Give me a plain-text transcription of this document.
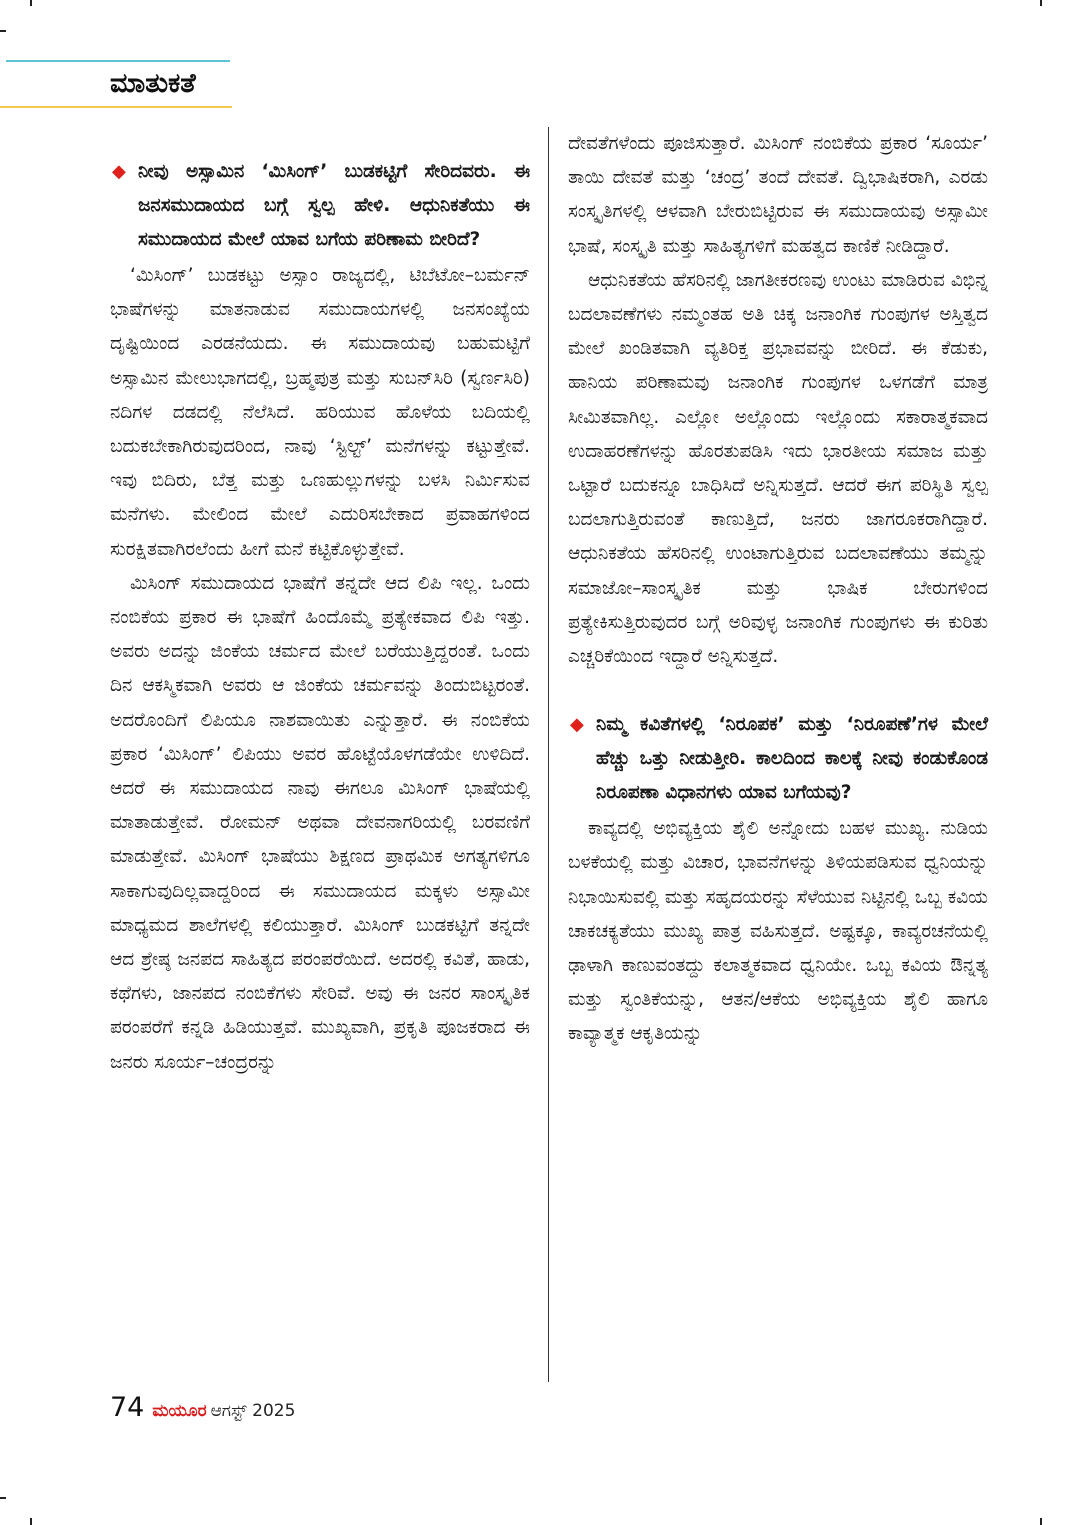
ಮಾತುಕತೆ

◆ ನೀವು ಅಸ್ಸಾಮಿನ ‘ಮಿಸಿಂಗ್’ ಬುಡಕಟ್ಟಿಗೆ ಸೇರಿದವರು. ಈ ಜನಸಮುದಾಯದ ಬಗ್ಗೆ ಸ್ವಲ್ಪ ಹೇಳಿ. ಆಧುನಿಕತೆಯು ಈ ಸಮುದಾಯದ ಮೇಲೆ ಯಾವ ಬಗೆಯ ಪರಿಣಾಮ ಬೀರಿದೆ?

‘ಮಿಸಿಂಗ್’ ಬುಡಕಟ್ಟು ಅಸ್ಸಾಂ ರಾಜ್ಯದಲ್ಲಿ, ಟಿಬೆಟೋ–ಬರ್ಮನ್ ಭಾಷೆಗಳನ್ನು ಮಾತನಾಡುವ ಸಮುದಾಯಗಳಲ್ಲಿ ಜನಸಂಖ್ಯೆಯ ದೃಷ್ಟಿಯಿಂದ ಎರಡನೆಯದು. ಈ ಸಮುದಾಯವು ಬಹುಮಟ್ಟಿಗೆ ಅಸ್ಸಾಮಿನ ಮೇಲುಭಾಗದಲ್ಲಿ, ಬ್ರಹ್ಮಪುತ್ರ ಮತ್ತು ಸುಬನ್‌ಸಿರಿ (ಸ್ವರ್ಣಸಿರಿ) ನದಿಗಳ ದಡದಲ್ಲಿ ನೆಲೆಸಿದೆ. ಹರಿಯುವ ಹೊಳೆಯ ಬದಿಯಲ್ಲಿ ಬದುಕಬೇಕಾಗಿರುವುದರಿಂದ, ನಾವು ‘ಸ್ಟಿಲ್ಟ್’ ಮನೆಗಳನ್ನು ಕಟ್ಟುತ್ತೇವೆ. ಇವು ಬಿದಿರು, ಬೆತ್ತ ಮತ್ತು ಒಣಹುಲ್ಲುಗಳನ್ನು ಬಳಸಿ ನಿರ್ಮಿಸುವ ಮನೆಗಳು. ಮೇಲಿಂದ ಮೇಲೆ ಎದುರಿಸಬೇಕಾದ ಪ್ರವಾಹಗಳಿಂದ ಸುರಕ್ಷಿತವಾಗಿರಲೆಂದು ಹೀಗೆ ಮನೆ ಕಟ್ಟಿಕೊಳ್ಳುತ್ತೇವೆ.

ಮಿಸಿಂಗ್ ಸಮುದಾಯದ ಭಾಷೆಗೆ ತನ್ನದೇ ಆದ ಲಿಪಿ ಇಲ್ಲ. ಒಂದು ನಂಬಿಕೆಯ ಪ್ರಕಾರ ಈ ಭಾಷೆಗೆ ಹಿಂದೊಮ್ಮೆ ಪ್ರತ್ಯೇಕವಾದ ಲಿಪಿ ಇತ್ತು. ಅವರು ಅದನ್ನು ಜಿಂಕೆಯ ಚರ್ಮದ ಮೇಲೆ ಬರೆಯುತ್ತಿದ್ದರಂತೆ. ಒಂದು ದಿನ ಆಕಸ್ಮಿಕವಾಗಿ ಅವರು ಆ ಜಿಂಕೆಯ ಚರ್ಮವನ್ನು ತಿಂದುಬಿಟ್ಟರಂತೆ. ಅದರೊಂದಿಗೆ ಲಿಪಿಯೂ ನಾಶವಾಯಿತು ಎನ್ನುತ್ತಾರೆ. ಈ ನಂಬಿಕೆಯ ಪ್ರಕಾರ ‘ಮಿಸಿಂಗ್’ ಲಿಪಿಯು ಅವರ ಹೊಟ್ಟೆಯೊಳಗಡೆಯೇ ಉಳಿದಿದೆ. ಆದರೆ ಈ ಸಮುದಾಯದ ನಾವು ಈಗಲೂ ಮಿಸಿಂಗ್ ಭಾಷೆಯಲ್ಲಿ ಮಾತಾಡುತ್ತೇವೆ. ರೋಮನ್ ಅಥವಾ ದೇವನಾಗರಿಯಲ್ಲಿ ಬರವಣಿಗೆ ಮಾಡುತ್ತೇವೆ. ಮಿಸಿಂಗ್ ಭಾಷೆಯು ಶಿಕ್ಷಣದ ಪ್ರಾಥಮಿಕ ಅಗತ್ಯಗಳಿಗೂ ಸಾಕಾಗುವುದಿಲ್ಲವಾದ್ದರಿಂದ ಈ ಸಮುದಾಯದ ಮಕ್ಕಳು ಅಸ್ಸಾಮೀ ಮಾಧ್ಯಮದ ಶಾಲೆಗಳಲ್ಲಿ ಕಲಿಯುತ್ತಾರೆ. ಮಿಸಿಂಗ್ ಬುಡಕಟ್ಟಿಗೆ ತನ್ನದೇ ಆದ ಶ್ರೇಷ್ಠ ಜನಪದ ಸಾಹಿತ್ಯದ ಪರಂಪರೆಯಿದೆ. ಅದರಲ್ಲಿ ಕವಿತೆ, ಹಾಡು, ಕಥೆಗಳು, ಜಾನಪದ ನಂಬಿಕೆಗಳು ಸೇರಿವೆ. ಅವು ಈ ಜನರ ಸಾಂಸ್ಕೃತಿಕ ಪರಂಪರೆಗೆ ಕನ್ನಡಿ ಹಿಡಿಯುತ್ತವೆ. ಮುಖ್ಯವಾಗಿ, ಪ್ರಕೃತಿ ಪೂಜಕರಾದ ಈ ಜನರು ಸೂರ್ಯ–ಚಂದ್ರರನ್ನು

ದೇವತೆಗಳೆಂದು ಪೂಜಿಸುತ್ತಾರೆ. ಮಿಸಿಂಗ್ ನಂಬಿಕೆಯ ಪ್ರಕಾರ ‘ಸೂರ್ಯ’ ತಾಯಿ ದೇವತೆ ಮತ್ತು ‘ಚಂದ್ರ’ ತಂದೆ ದೇವತೆ. ದ್ವಿಭಾಷಿಕರಾಗಿ, ಎರಡು ಸಂಸ್ಕೃತಿಗಳಲ್ಲಿ ಆಳವಾಗಿ ಬೇರುಬಿಟ್ಟಿರುವ ಈ ಸಮುದಾಯವು ಅಸ್ಸಾಮೀ ಭಾಷೆ, ಸಂಸ್ಕೃತಿ ಮತ್ತು ಸಾಹಿತ್ಯಗಳಿಗೆ ಮಹತ್ವದ ಕಾಣಿಕೆ ನೀಡಿದ್ದಾರೆ.

ಆಧುನಿಕತೆಯ ಹೆಸರಿನಲ್ಲಿ ಜಾಗತೀಕರಣವು ಉಂಟು ಮಾಡಿರುವ ವಿಭಿನ್ನ ಬದಲಾವಣೆಗಳು ನಮ್ಮಂತಹ ಅತಿ ಚಿಕ್ಕ ಜನಾಂಗಿಕ ಗುಂಪುಗಳ ಅಸ್ತಿತ್ವದ ಮೇಲೆ ಖಂಡಿತವಾಗಿ ವ್ಯತಿರಿಕ್ತ ಪ್ರಭಾವವನ್ನು ಬೀರಿದೆ. ಈ ಕೆಡುಕು, ಹಾನಿಯ ಪರಿಣಾಮವು ಜನಾಂಗಿಕ ಗುಂಪುಗಳ ಒಳಗಡೆಗೆ ಮಾತ್ರ ಸೀಮಿತವಾಗಿಲ್ಲ. ಎಲ್ಲೋ ಅಲ್ಲೊಂದು ಇಲ್ಲೊಂದು ಸಕಾರಾತ್ಮಕವಾದ ಉದಾಹರಣೆಗಳನ್ನು ಹೊರತುಪಡಿಸಿ ಇದು ಭಾರತೀಯ ಸಮಾಜ ಮತ್ತು ಒಟ್ಟಾರೆ ಬದುಕನ್ನೂ ಬಾಧಿಸಿದೆ ಅನ್ನಿಸುತ್ತದೆ. ಆದರೆ ಈಗ ಪರಿಸ್ಥಿತಿ ಸ್ವಲ್ಪ ಬದಲಾಗುತ್ತಿರುವಂತೆ ಕಾಣುತ್ತಿದೆ, ಜನರು ಜಾಗರೂಕರಾಗಿದ್ದಾರೆ. ಆಧುನಿಕತೆಯ ಹೆಸರಿನಲ್ಲಿ ಉಂಟಾಗುತ್ತಿರುವ ಬದಲಾವಣೆಯು ತಮ್ಮನ್ನು ಸಮಾಜೋ–ಸಾಂಸ್ಕೃತಿಕ ಮತ್ತು ಭಾಷಿಕ ಬೇರುಗಳಿಂದ ಪ್ರತ್ಯೇಕಿಸುತ್ತಿರುವುದರ ಬಗ್ಗೆ ಅರಿವುಳ್ಳ ಜನಾಂಗಿಕ ಗುಂಪುಗಳು ಈ ಕುರಿತು ಎಚ್ಚರಿಕೆಯಿಂದ ಇದ್ದಾರೆ ಅನ್ನಿಸುತ್ತದೆ.

◆ ನಿಮ್ಮ ಕವಿತೆಗಳಲ್ಲಿ ‘ನಿರೂಪಕ’ ಮತ್ತು ‘ನಿರೂಪಣೆ’ಗಳ ಮೇಲೆ ಹೆಚ್ಚು ಒತ್ತು ನೀಡುತ್ತೀರಿ. ಕಾಲದಿಂದ ಕಾಲಕ್ಕೆ ನೀವು ಕಂಡುಕೊಂಡ ನಿರೂಪಣಾ ವಿಧಾನಗಳು ಯಾವ ಬಗೆಯವು?

ಕಾವ್ಯದಲ್ಲಿ ಅಭಿವ್ಯಕ್ತಿಯ ಶೈಲಿ ಅನ್ನೋದು ಬಹಳ ಮುಖ್ಯ. ನುಡಿಯ ಬಳಕೆಯಲ್ಲಿ ಮತ್ತು ವಿಚಾರ, ಭಾವನೆಗಳನ್ನು ತಿಳಿಯಪಡಿಸುವ ಧ್ವನಿಯನ್ನು ನಿಭಾಯಿಸುವಲ್ಲಿ ಮತ್ತು ಸಹೃದಯರನ್ನು ಸೆಳೆಯುವ ನಿಟ್ಟಿನಲ್ಲಿ ಒಬ್ಬ ಕವಿಯ ಚಾಕಚಕ್ಯತೆಯು ಮುಖ್ಯ ಪಾತ್ರ ವಹಿಸುತ್ತದೆ. ಅಷ್ಟಕ್ಕೂ, ಕಾವ್ಯರಚನೆಯಲ್ಲಿ ಢಾಳಾಗಿ ಕಾಣುವಂತದ್ದು ಕಲಾತ್ಮಕವಾದ ಧ್ವನಿಯೇ. ಒಬ್ಬ ಕವಿಯ ಔನ್ನತ್ಯ ಮತ್ತು ಸ್ವಂತಿಕೆಯನ್ನು, ಆತನ/ಆಕೆಯ ಅಭಿವ್ಯಕ್ತಿಯ ಶೈಲಿ ಹಾಗೂ ಕಾವ್ಯಾತ್ಮಕ ಆಕೃತಿಯನ್ನು

74 ಮಯೂರ ಆಗಸ್ಟ್ 2025
